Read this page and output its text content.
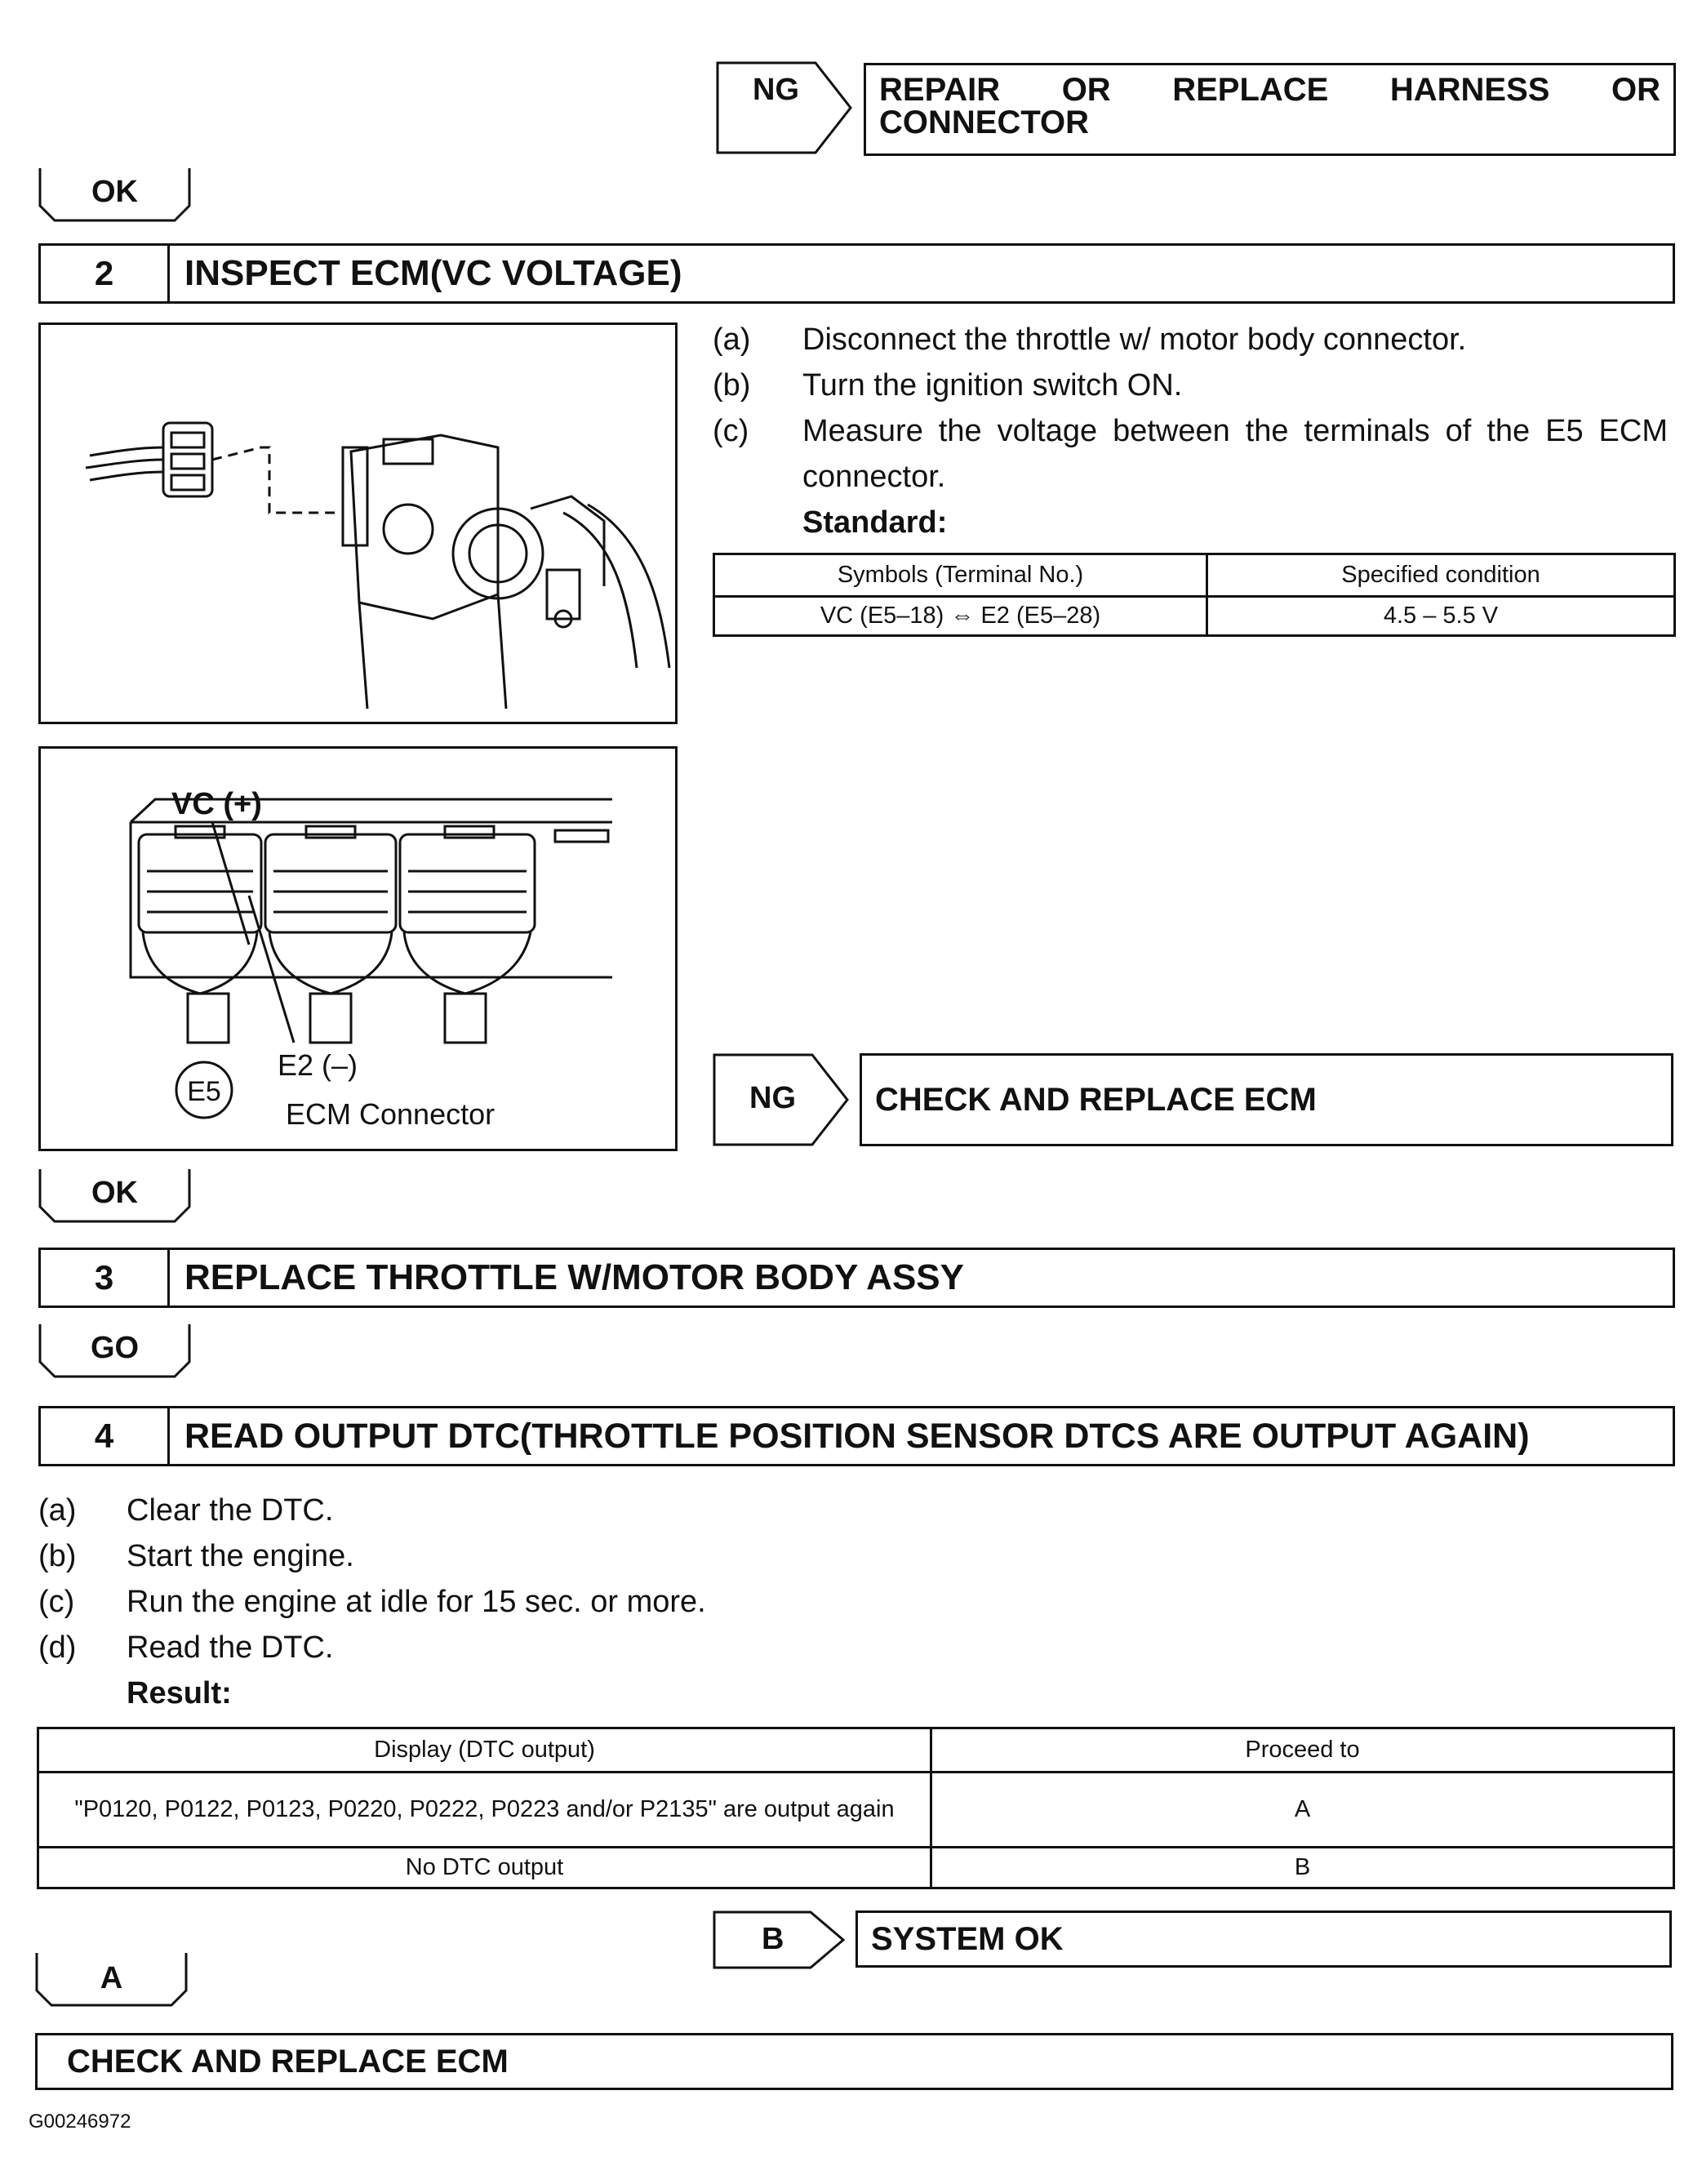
NG	REPAIR OR REPLACE HARNESS OR CONNECTOR
OK
2	INSPECT ECM(VC VOLTAGE)
(a)	Disconnect the throttle w/ motor body connector.
(b)	Turn the ignition switch ON.
(c)	Measure the voltage between the terminals of the E5 ECM connector.
Standard:
Symbols (Terminal No.)	Specified condition
VC (E5–18) ⇔ E2 (E5–28)	4.5 – 5.5 V
VC (+)
E2 (–)
E5
ECM Connector	NG CHECK AND REPLACE ECM
OK
3	REPLACE THROTTLE W/MOTOR BODY ASSY
GO
4	READ OUTPUT DTC(THROTTLE POSITION SENSOR DTCS ARE OUTPUT AGAIN)
(a)	Clear the DTC.
(b)	Start the engine.
(c)	Run the engine at idle for 15 sec. or more.
(d)	Read the DTC.
Result:
Display (DTC output)	Proceed to
"P0120, P0122, P0123, P0220, P0222, P0223 and/or P2135" are output again	A
No DTC output	B
B	SYSTEM OK
A
CHECK AND REPLACE ECM
G00246972
